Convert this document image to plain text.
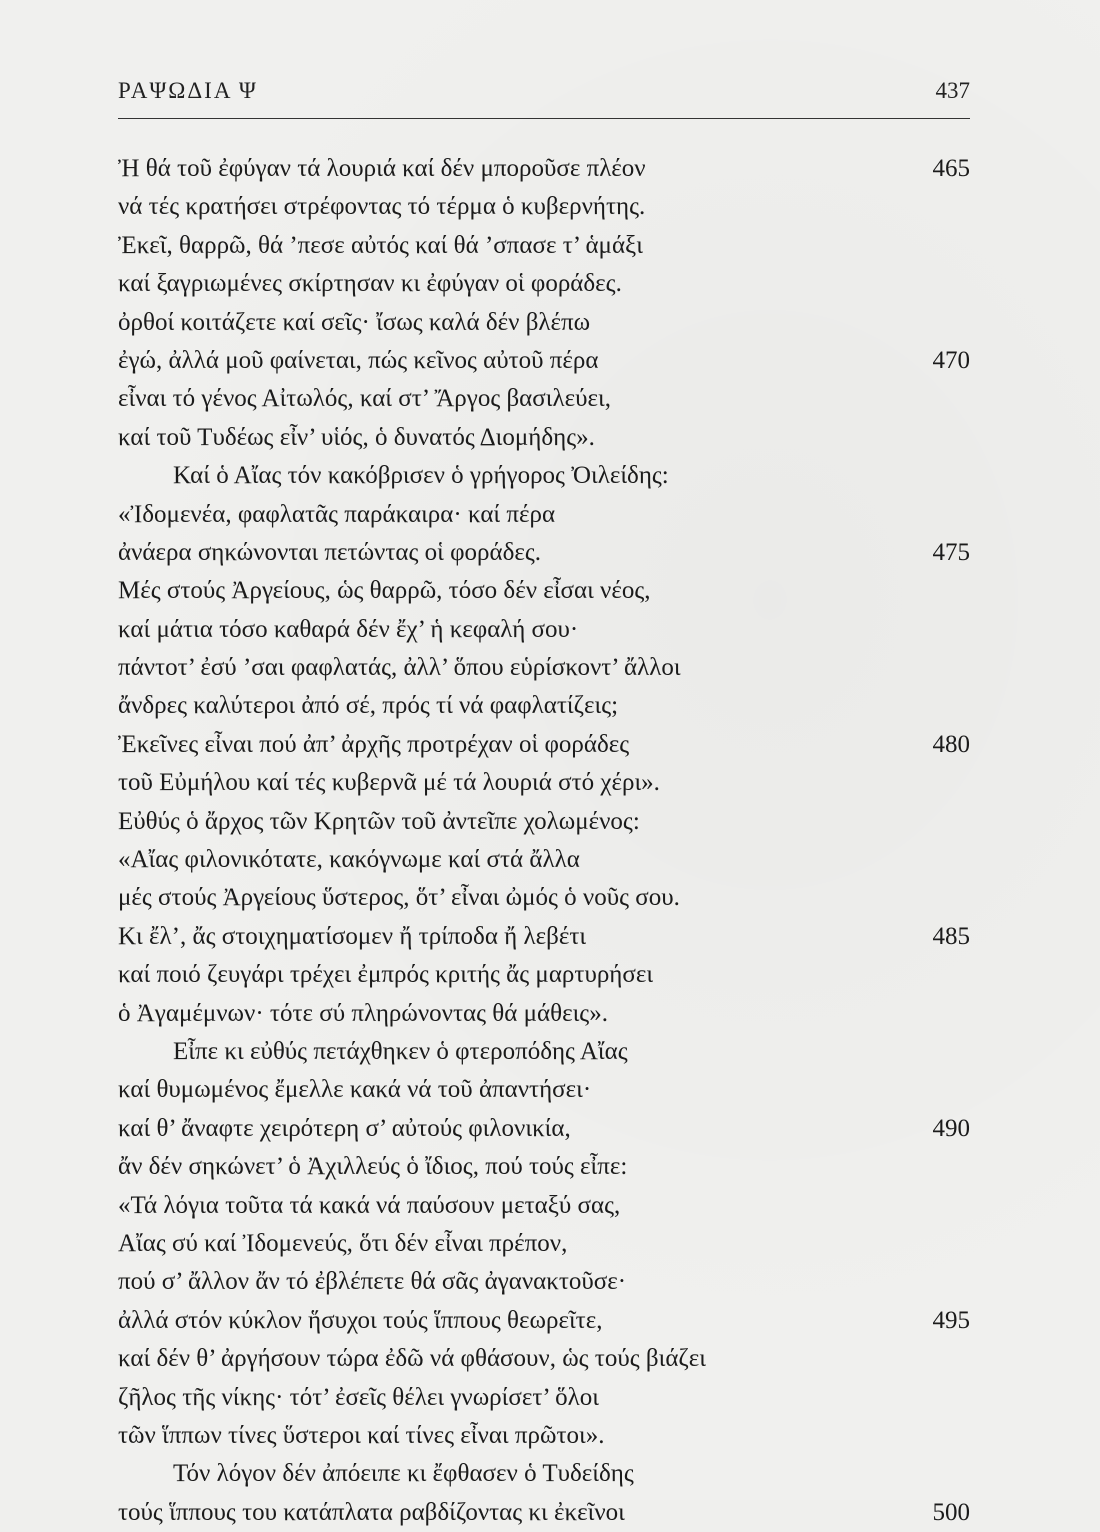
ΡΑΨΩΔΙΑ Ψ	437
Ἠ θά τοῦ ἐφύγαν τά λουριά καί δέν μποροῦσε πλέον	465
νά τές κρατήσει στρέφοντας τό τέρμα ὁ κυβερνήτης.
Ἐκεῖ, θαρρῶ, θά ’πεσε αὐτός καί θά ’σπασε τ’ ἁμάξι
καί ξαγριωμένες σκίρτησαν κι ἐφύγαν οἱ φοράδες.
ὀρθοί κοιτάζετε καί σεῖς· ἴσως καλά δέν βλέπω
ἐγώ, ἀλλά μοῦ φαίνεται, πώς κεῖνος αὐτοῦ πέρα	470
εἶναι τό γένος Αἰτωλός, καί στ’ Ἄργος βασιλεύει,
καί τοῦ Τυδέως εἶν’ υἱός, ὁ δυνατός Διομήδης».
Καί ὁ Αἴας τόν κακόβρισεν ὁ γρήγορος Ὀιλείδης:
«Ἰδομενέα, φαφλατᾶς παράκαιρα· καί πέρα
ἀνάερα σηκώνονται πετώντας οἱ φοράδες.	475
Μές στούς Ἀργείους, ὡς θαρρῶ, τόσο δέν εἶσαι νέος,
καί μάτια τόσο καθαρά δέν ἔχ’ ἡ κεφαλή σου·
πάντοτ’ ἐσύ ’σαι φαφλατάς, ἀλλ’ ὅπου εὑρίσκοντ’ ἄλλοι
ἄνδρες καλύτεροι ἀπό σέ, πρός τί νά φαφλατίζεις;
Ἐκεῖνες εἶναι πού ἀπ’ ἀρχῆς προτρέχαν οἱ φοράδες	480
τοῦ Εὐμήλου καί τές κυβερνᾶ μέ τά λουριά στό χέρι».
Εὐθύς ὁ ἄρχος τῶν Κρητῶν τοῦ ἀντεῖπε χολωμένος:
«Αἴας φιλονικότατε, κακόγνωμε καί στά ἄλλα
μές στούς Ἀργείους ὕστερος, ὅτ’ εἶναι ὠμός ὁ νοῦς σου.
Κι ἔλ’, ἄς στοιχηματίσομεν ἤ τρίποδα ἤ λεβέτι	485
καί ποιό ζευγάρι τρέχει ἐμπρός κριτής ἄς μαρτυρήσει
ὁ Ἀγαμέμνων· τότε σύ πληρώνοντας θά μάθεις».
Εἶπε κι εὐθύς πετάχθηκεν ὁ φτεροπόδης Αἴας
καί θυμωμένος ἔμελλε κακά νά τοῦ ἀπαντήσει·
καί θ’ ἄναφτε χειρότερη σ’ αὐτούς φιλονικία,	490
ἄν δέν σηκώνετ’ ὁ Ἀχιλλεύς ὁ ἴδιος, πού τούς εἶπε:
«Τά λόγια τοῦτα τά κακά νά παύσουν μεταξύ σας,
Αἴας σύ καί Ἰδομενεύς, ὅτι δέν εἶναι πρέπον,
πού σ’ ἄλλον ἄν τό ἐβλέπετε θά σᾶς ἀγανακτοῦσε·
ἀλλά στόν κύκλον ἥσυχοι τούς ἵππους θεωρεῖτε,	495
καί δέν θ’ ἀργήσουν τώρα ἐδῶ νά φθάσουν, ὡς τούς βιάζει
ζῆλος τῆς νίκης· τότ’ ἐσεῖς θέλει γνωρίσετ’ ὅλοι
τῶν ἵππων τίνες ὕστεροι καί τίνες εἶναι πρῶτοι».
Τόν λόγον δέν ἀπόειπε κι ἔφθασεν ὁ Τυδείδης
τούς ἵππους του κατάπλατα ραβδίζοντας κι ἐκεῖνοι	500
